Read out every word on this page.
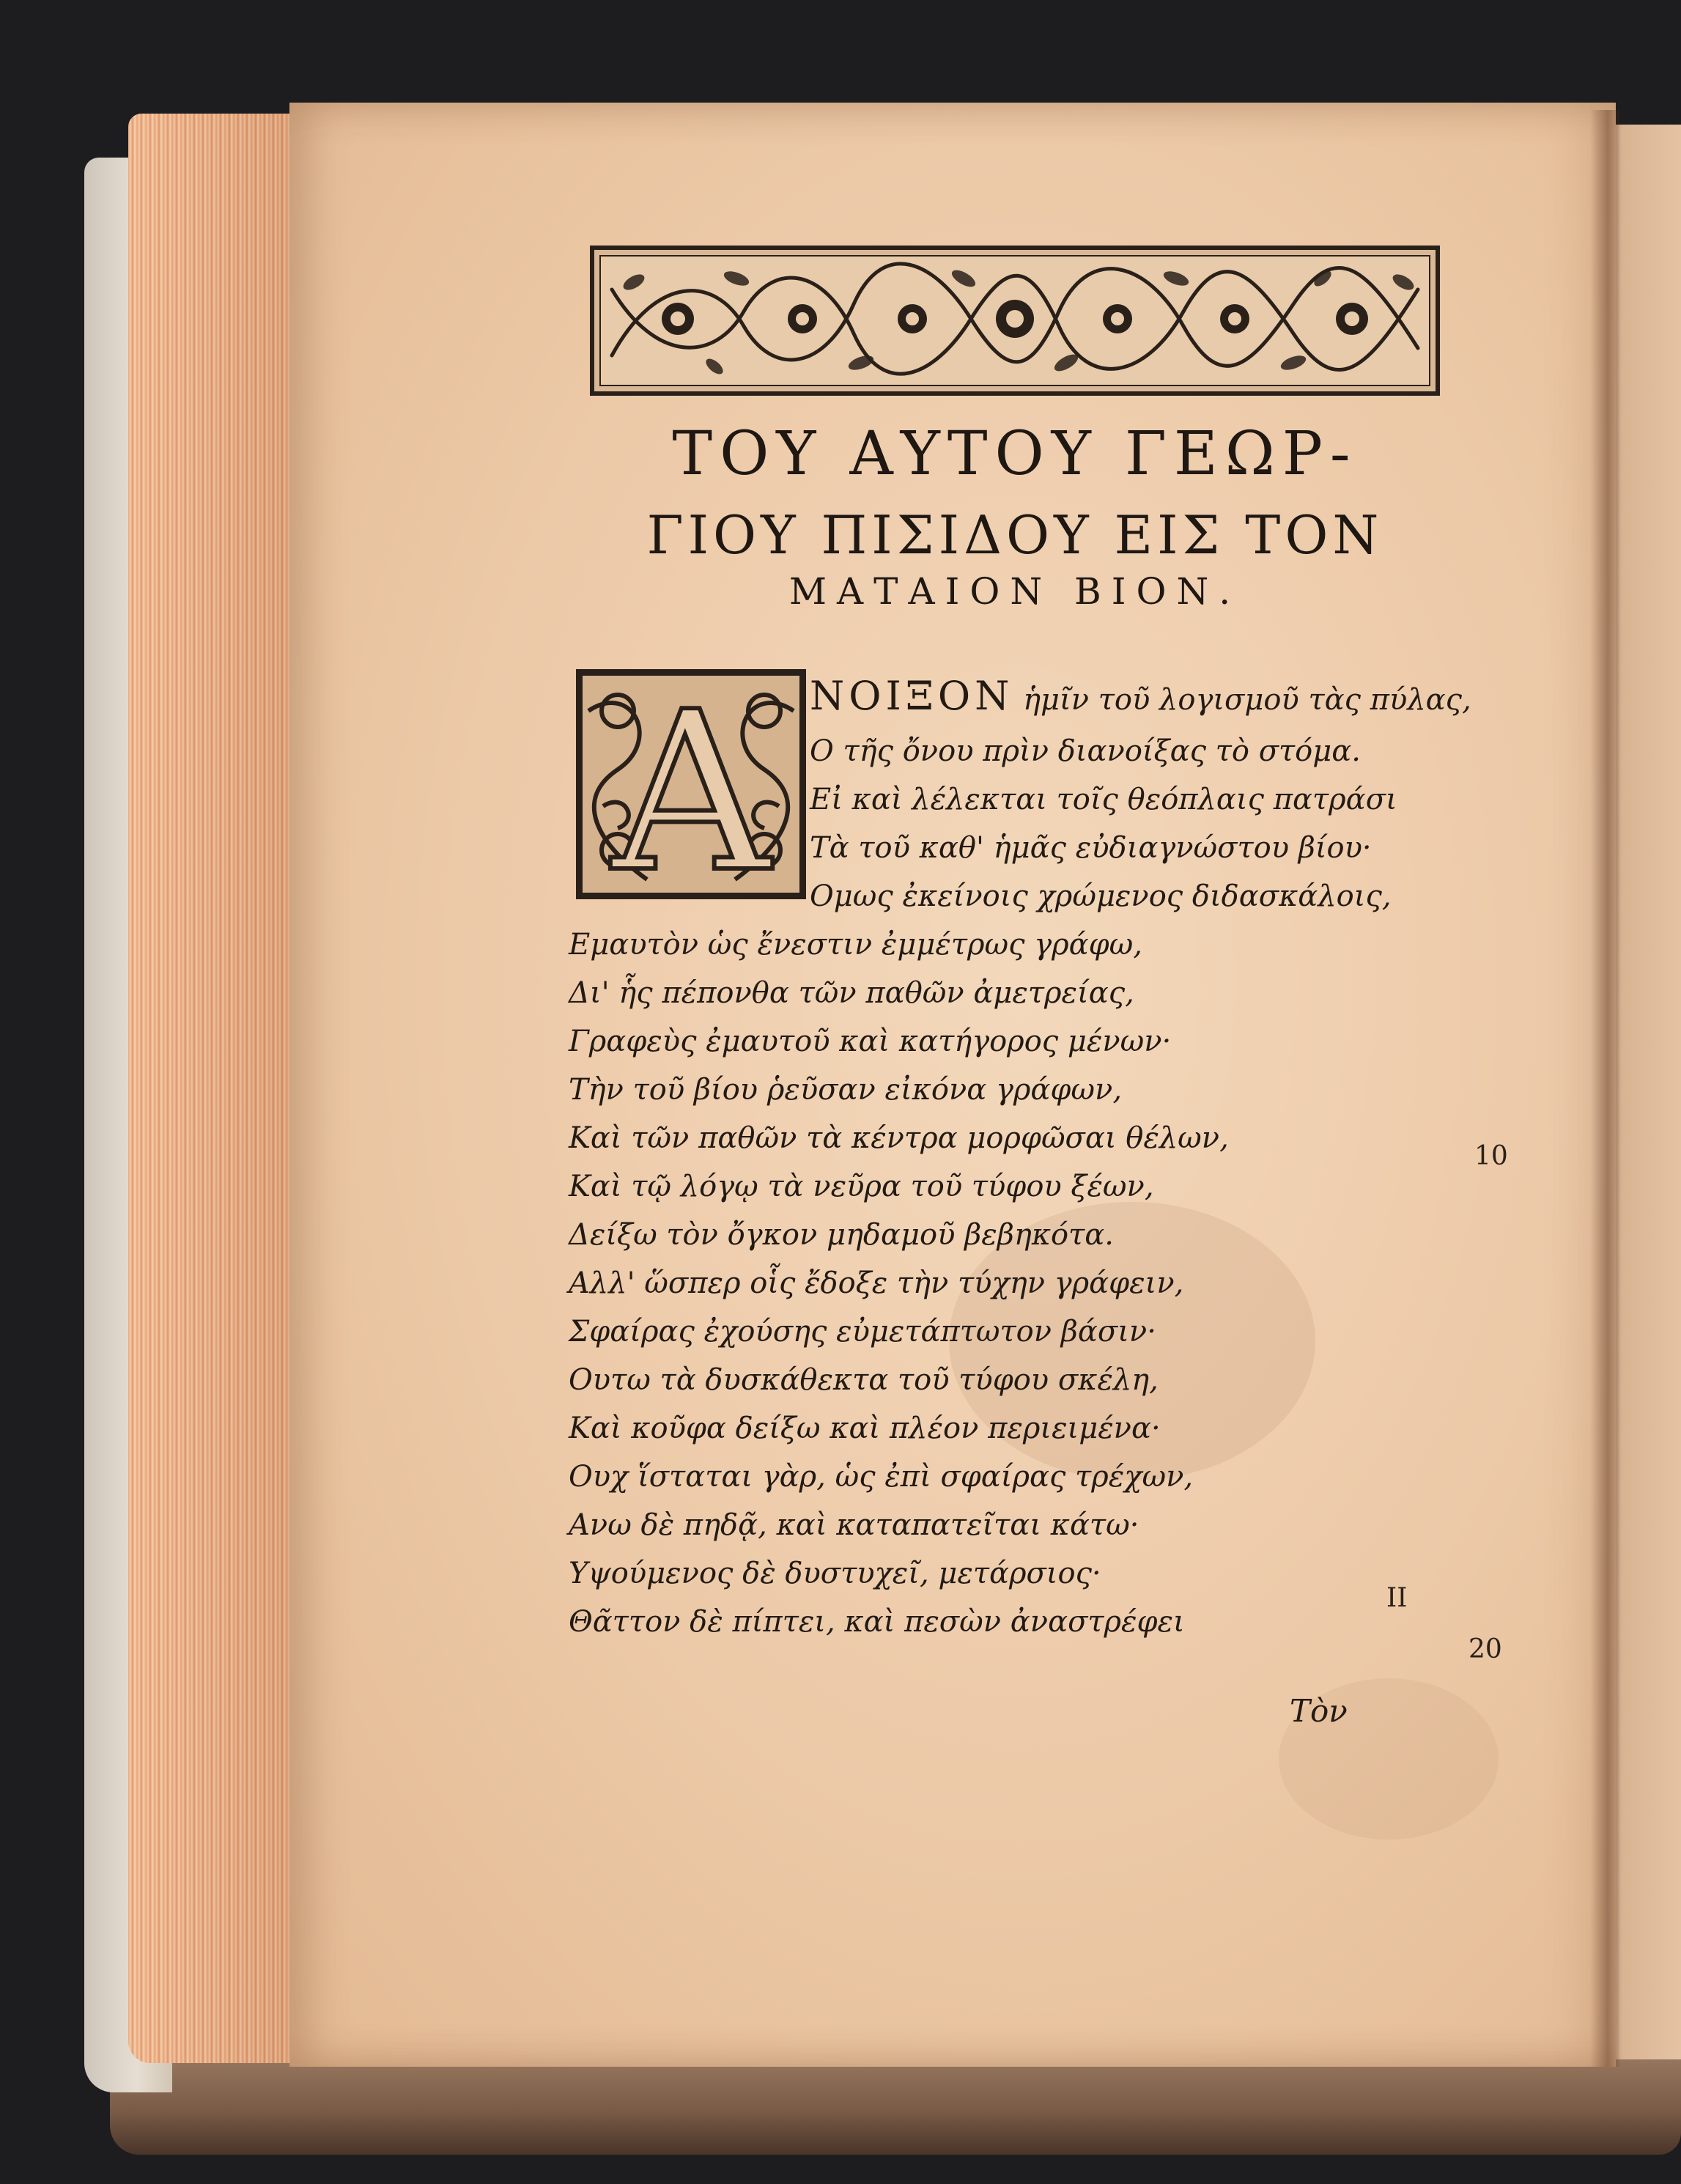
ΤΟΥ ΑΥΤΟΥ ΓΕΩΡ-
ΓΙΟΥ ΠΙΣΙΔΟΥ ΕΙΣ ΤΟΝ
ΜΑΤΑΙΟΝ ΒΙΟΝ.
A ΝΟΙΞΟΝ ἡμῖν τοῦ λογισμοῦ τὰς πύλας,
Ο τῆς ὄνου πρὶν διανοίξας τὸ στόμα.
Εἰ καὶ λέλεκται τοῖς θεόπλαις πατράσι
Τὰ τοῦ καθ' ἡμᾶς εὐδιαγνώστου βίου·
Ομως ἐκείνοις χρώμενος διδασκάλοις,
Εμαυτὸν ὡς ἔνεστιν ἐμμέτρως γράφω,
Δι' ἧς πέπονθα τῶν παθῶν ἀμετρείας,
Γραφεὺς ἐμαυτοῦ καὶ κατήγορος μένων·
Τὴν τοῦ βίου ῥεῦσαν εἰκόνα γράφων,
Καὶ τῶν παθῶν τὰ κέντρα μορφῶσαι θέλων,
Καὶ τῷ λόγῳ τὰ νεῦρα τοῦ τύφου ξέων,
Δείξω τὸν ὄγκον μηδαμοῦ βεβηκότα.
Αλλ' ὥσπερ οἷς ἔδοξε τὴν τύχην γράφειν,
Σφαίρας ἐχούσης εὐμετάπτωτον βάσιν·
Ουτω τὰ δυσκάθεκτα τοῦ τύφου σκέλη,
Καὶ κοῦφα δείξω καὶ πλέον περιειμένα·
Ουχ ἵσταται γὰρ, ὡς ἐπὶ σφαίρας τρέχων,
Ανω δὲ πηδᾷ, καὶ καταπατεῖται κάτω·
Υψούμενος δὲ δυστυχεῖ, μετάρσιος·
Θᾶττον δὲ πίπτει, καὶ πεσὼν ἀναστρέφει
10
II
20
Τὸν
